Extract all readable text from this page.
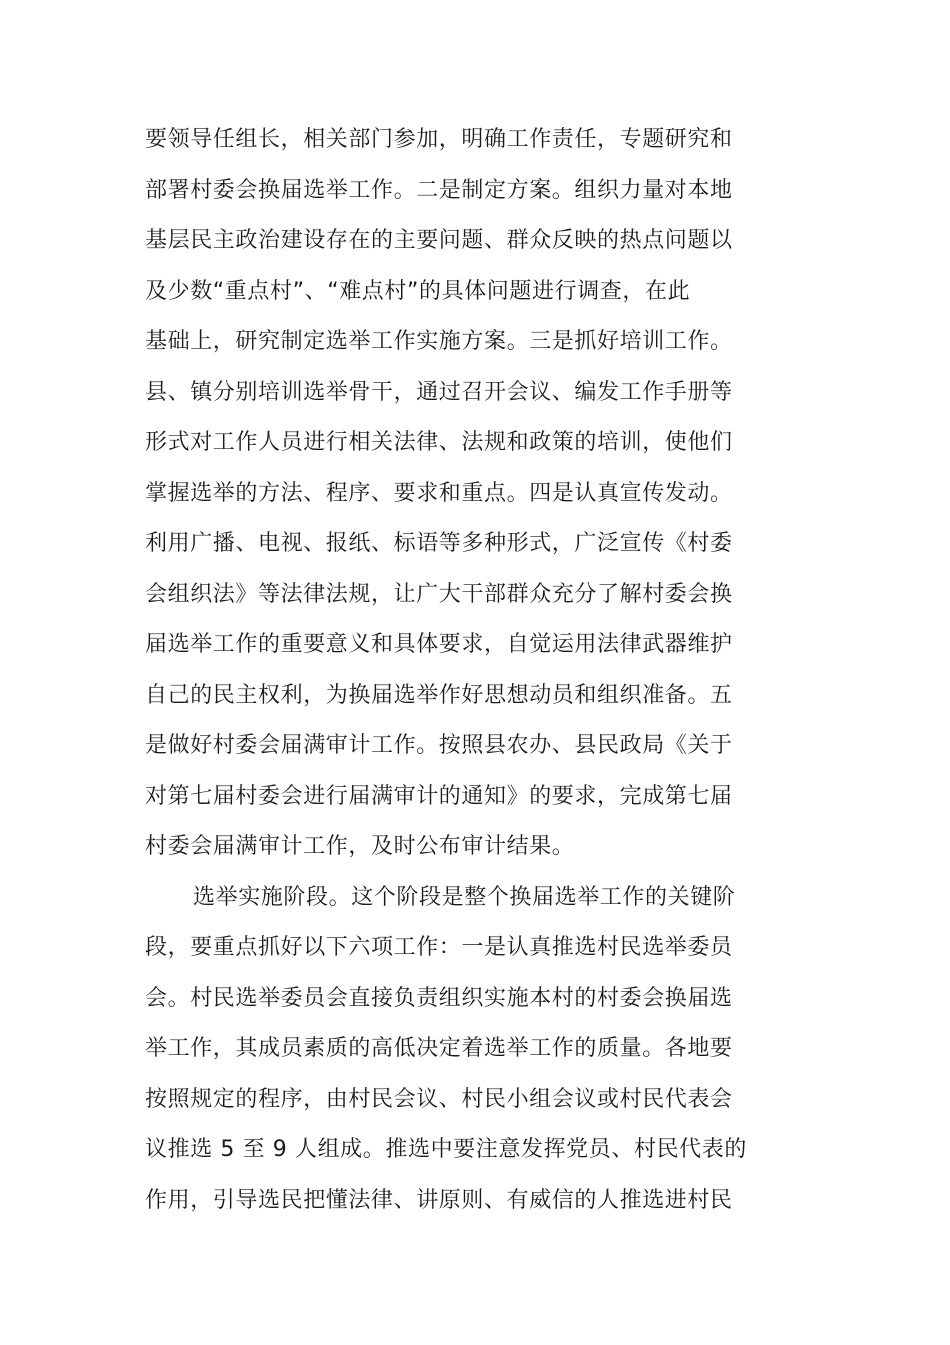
要领导任组长，相关部门参加，明确工作责任，专题研究和
部署村委会换届选举工作。二是制定方案。组织力量对本地
基层民主政治建设存在的主要问题、群众反映的热点问题以
及少数“重点村”、“难点村”的具体问题进行调查，在此
基础上，研究制定选举工作实施方案。三是抓好培训工作。
县、镇分别培训选举骨干，通过召开会议、编发工作手册等
形式对工作人员进行相关法律、法规和政策的培训，使他们
掌握选举的方法、程序、要求和重点。四是认真宣传发动。
利用广播、电视、报纸、标语等多种形式，广泛宣传《村委
会组织法》等法律法规，让广大干部群众充分了解村委会换
届选举工作的重要意义和具体要求，自觉运用法律武器维护
自己的民主权利，为换届选举作好思想动员和组织准备。五
是做好村委会届满审计工作。按照县农办、县民政局《关于
对第七届村委会进行届满审计的通知》的要求，完成第七届
村委会届满审计工作，及时公布审计结果。
选举实施阶段。这个阶段是整个换届选举工作的关键阶
段，要重点抓好以下六项工作：一是认真推选村民选举委员
会。村民选举委员会直接负责组织实施本村的村委会换届选
举工作，其成员素质的高低决定着选举工作的质量。各地要
按照规定的程序，由村民会议、村民小组会议或村民代表会
议推选 5 至 9 人组成。推选中要注意发挥党员、村民代表的
作用，引导选民把懂法律、讲原则、有威信的人推选进村民
